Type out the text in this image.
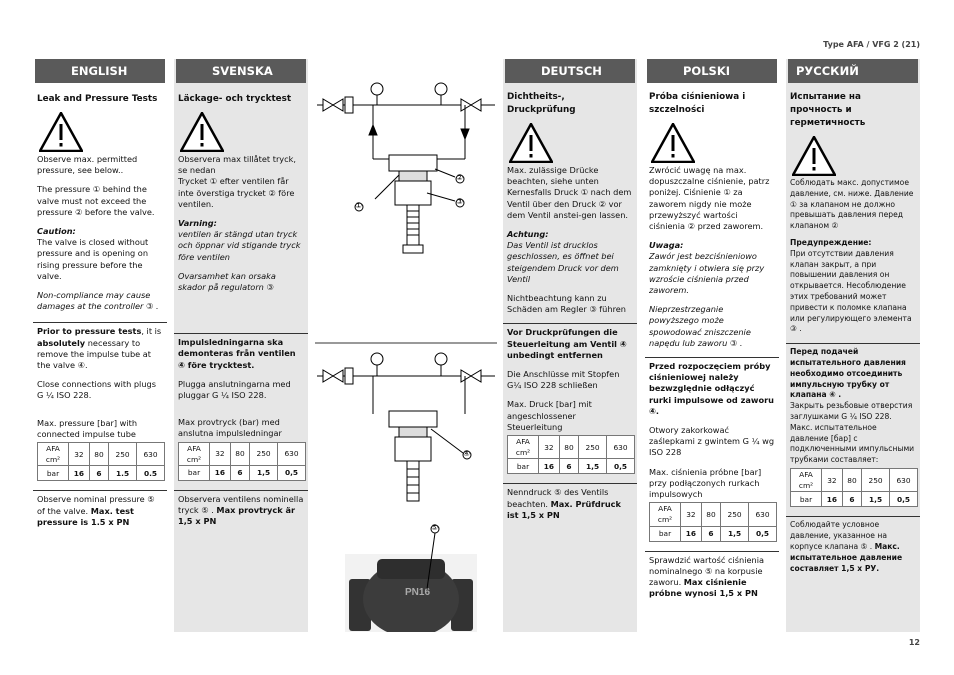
Type AFA / VFG 2 (21)
ENGLISH
Leak and Pressure Tests

Observe max. permitted pressure, see below..

The pressure ① behind the valve must not exceed the pressure ② before the valve.

Caution:
The valve is closed without pressure and is opening on rising pressure before the valve.

Non-compliance may cause damages at the controller ③ .

Prior to pressure tests, it is absolutely necessary to remove the impulse tube at the valve ④.

Close connections with plugs G ¼ ISO 228.

Max. pressure [bar] with connected impulse tube

AFA
cm²	32	80	250	630
bar	16	6	1.5	0.5

Observe nominal pressure ⑤ of the valve. Max. test pressure is 1.5 x PN

SVENSKA
Läckage- och trycktest

Observera max tillåtet tryck, se nedan

Trycket ① efter ventilen får inte överstiga trycket ② före ventilen.

Varning:
ventilen är stängd utan tryck och öppnar vid stigande tryck före ventilen

Ovarsamhet kan orsaka skador på regulatorn ③

Impulsledningarna ska demonteras från ventilen ④ före trycktest.

Plugga anslutningarna med pluggar G ¼ ISO 228.

Max provtryck (bar) med anslutna impulsledningar

AFA
cm²	32	80	250	630
bar	16	6	1,5	0,5

Observera ventilens nominella tryck ⑤ . Max provtryck är 1,5 x PN

PN16
①
②
③
④
⑤
DEUTSCH
Dichtheits-, Druckprüfung

Max. zulässige Drücke beachten, siehe unten Kernesfalls Druck ① nach dem Ventil über den Druck ② vor dem Ventil anstei-gen lassen.

Achtung:
Das Ventil ist drucklos geschlossen, es öffnet bei steigendem Druck vor dem Ventil

Nichtbeachtung kann zu Schäden am Regler ③ führen

Vor Druckprüfungen die Steuerleitung am Ventil ④ unbedingt entfernen

Die Anschlüsse mit Stopfen G¼ ISO 228 schließen

Max. Druck [bar] mit angeschlossener Steuerleitung

AFA
cm²	32	80	250	630
bar	16	6	1,5	0,5

Nenndruck ⑤ des Ventils beachten. Max. Prüfdruck ist 1,5 x PN

POLSKI
Próba ciśnieniowa i szczelności

Zwrócić uwagę na max. dopuszczalne ciśnienie, patrz poniżej. Ciśnienie ① za zaworem nigdy nie może przewyższyć wartości ciśnienia ② przed zaworem.

Uwaga:
Zawór jest bezciśnieniowo zamknięty i otwiera się przy wzroście ciśnienia przed zaworem.

Nieprzestrzeganie powyższego może spowodować zniszczenie napędu lub zaworu ③ .

Przed rozpoczęciem próby ciśnieniowej należy bezwzględnie odłączyć rurki impulsowe od zaworu ④.

Otwory zakorkować zaślepkami z gwintem G ¼ wg ISO 228

Max. ciśnienia próbne [bar] przy podłączonych rurkach impulsowych

AFA
cm²	32	80	250	630
bar	16	6	1,5	0,5

Sprawdzić wartość ciśnienia nominalnego ⑤ na korpusie zaworu. Max ciśnienie próbne wynosi 1,5 x PN

РУССКИЙ
Испытание на прочность и герметичность

Соблюдать макс. допустимое давление, см. ниже. Давление ① за клапаном не должно превышать давления перед клапаном ②

Предупреждение:
При отсутствии давления клапан закрыт, а при повышении давления он открывается. Несоблюдение этих требований может привести к поломке клапана или регулирующего элемента ③ .

Перед подачей испытательного давления необходимо отсоединить импульсную трубку от клапана ④ .

Закрыть резьбовые отверстия заглушками G ¼ ISO 228.

Макс. испытательное давление [бар] с подключенными импульсными трубками составляет:

AFA
cm²	32	80	250	630
bar	16	6	1,5	0,5

Соблюдайте условное давление, указанное на корпусе клапана ⑤ . Макс. испытательное давление составляет 1,5 x РУ.

12
